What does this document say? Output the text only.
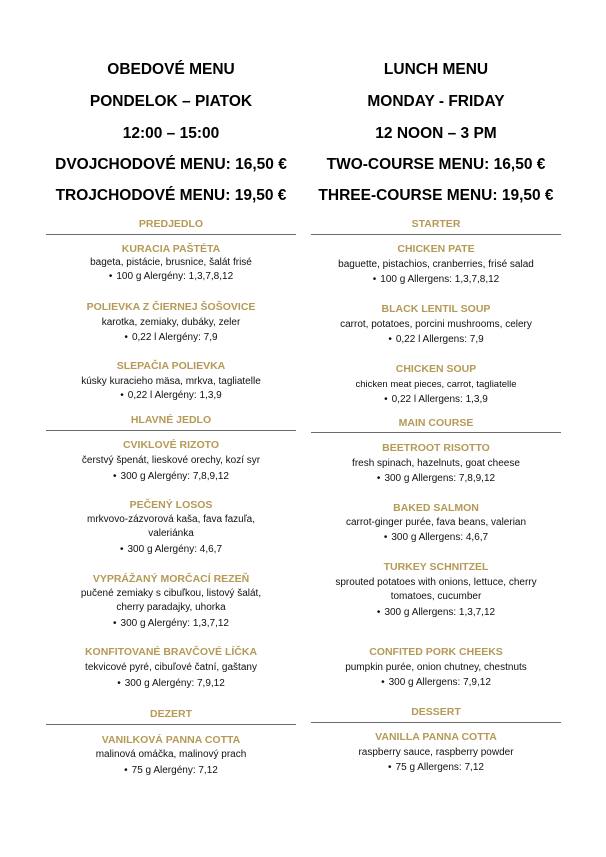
OBEDOVÉ MENU
PONDELOK – PIATOK
12:00 – 15:00
DVOJCHODOVÉ MENU: 16,50 €
TROJCHODOVÉ MENU: 19,50 €
PREDJEDLO
KURACIA PAŠTÉTA
bageta, pistácie, brusnice, šalát frisé
• 100 g Alergény: 1,3,7,8,12
POLIEVKA Z ČIERNEJ ŠOŠOVICE
karotka, zemiaky, dubáky, zeler
• 0,22 l Alergény: 7,9
SLEPAČIA POLIEVKA
kúsky kuracieho mäsa, mrkva, tagliatelle
• 0,22 l Alergény: 1,3,9
HLAVNÉ JEDLO
CVIKLOVÉ RIZOTO
čerstvý špenát, lieskové orechy, kozí syr
• 300 g Alergény: 7,8,9,12
PEČENÝ LOSOS
mrkvovo-zázvorová kaša, fava fazuľa, valeriánka
• 300 g Alergény: 4,6,7
VYPRÁŽANÝ MORČACÍ REZEŇ
pučené zemiaky s cibuľkou, listový šalát, cherry paradajky, uhorka
• 300 g Alergény: 1,3,7,12
KONFITOVANÉ BRAVČOVÉ LÍČKA
tekvicové pyré, cibuľové čatní, gaštany
• 300 g Alergény: 7,9,12
DEZERT
VANILKOVÁ PANNA COTTA
malinová omáčka, malinový prach
• 75 g Alergény: 7,12
LUNCH MENU
MONDAY - FRIDAY
12 NOON – 3 PM
TWO-COURSE MENU: 16,50 €
THREE-COURSE MENU: 19,50 €
STARTER
CHICKEN PATE
baguette, pistachios, cranberries, frisé salad
• 100 g Allergens: 1,3,7,8,12
BLACK LENTIL SOUP
carrot, potatoes, porcini mushrooms, celery
• 0,22 l Allergens: 7,9
CHICKEN SOUP
chicken meat pieces, carrot, tagliatelle
• 0,22 l Allergens: 1,3,9
MAIN COURSE
BEETROOT RISOTTO
fresh spinach, hazelnuts, goat cheese
• 300 g Allergens: 7,8,9,12
BAKED SALMON
carrot-ginger purée, fava beans, valerian
• 300 g Allergens: 4,6,7
TURKEY SCHNITZEL
sprouted potatoes with onions, lettuce, cherry tomatoes, cucumber
• 300 g Allergens: 1,3,7,12
CONFITED PORK CHEEKS
pumpkin purée, onion chutney, chestnuts
• 300 g Allergens: 7,9,12
DESSERT
VANILLA PANNA COTTA
raspberry sauce, raspberry powder
• 75 g Allergens: 7,12
